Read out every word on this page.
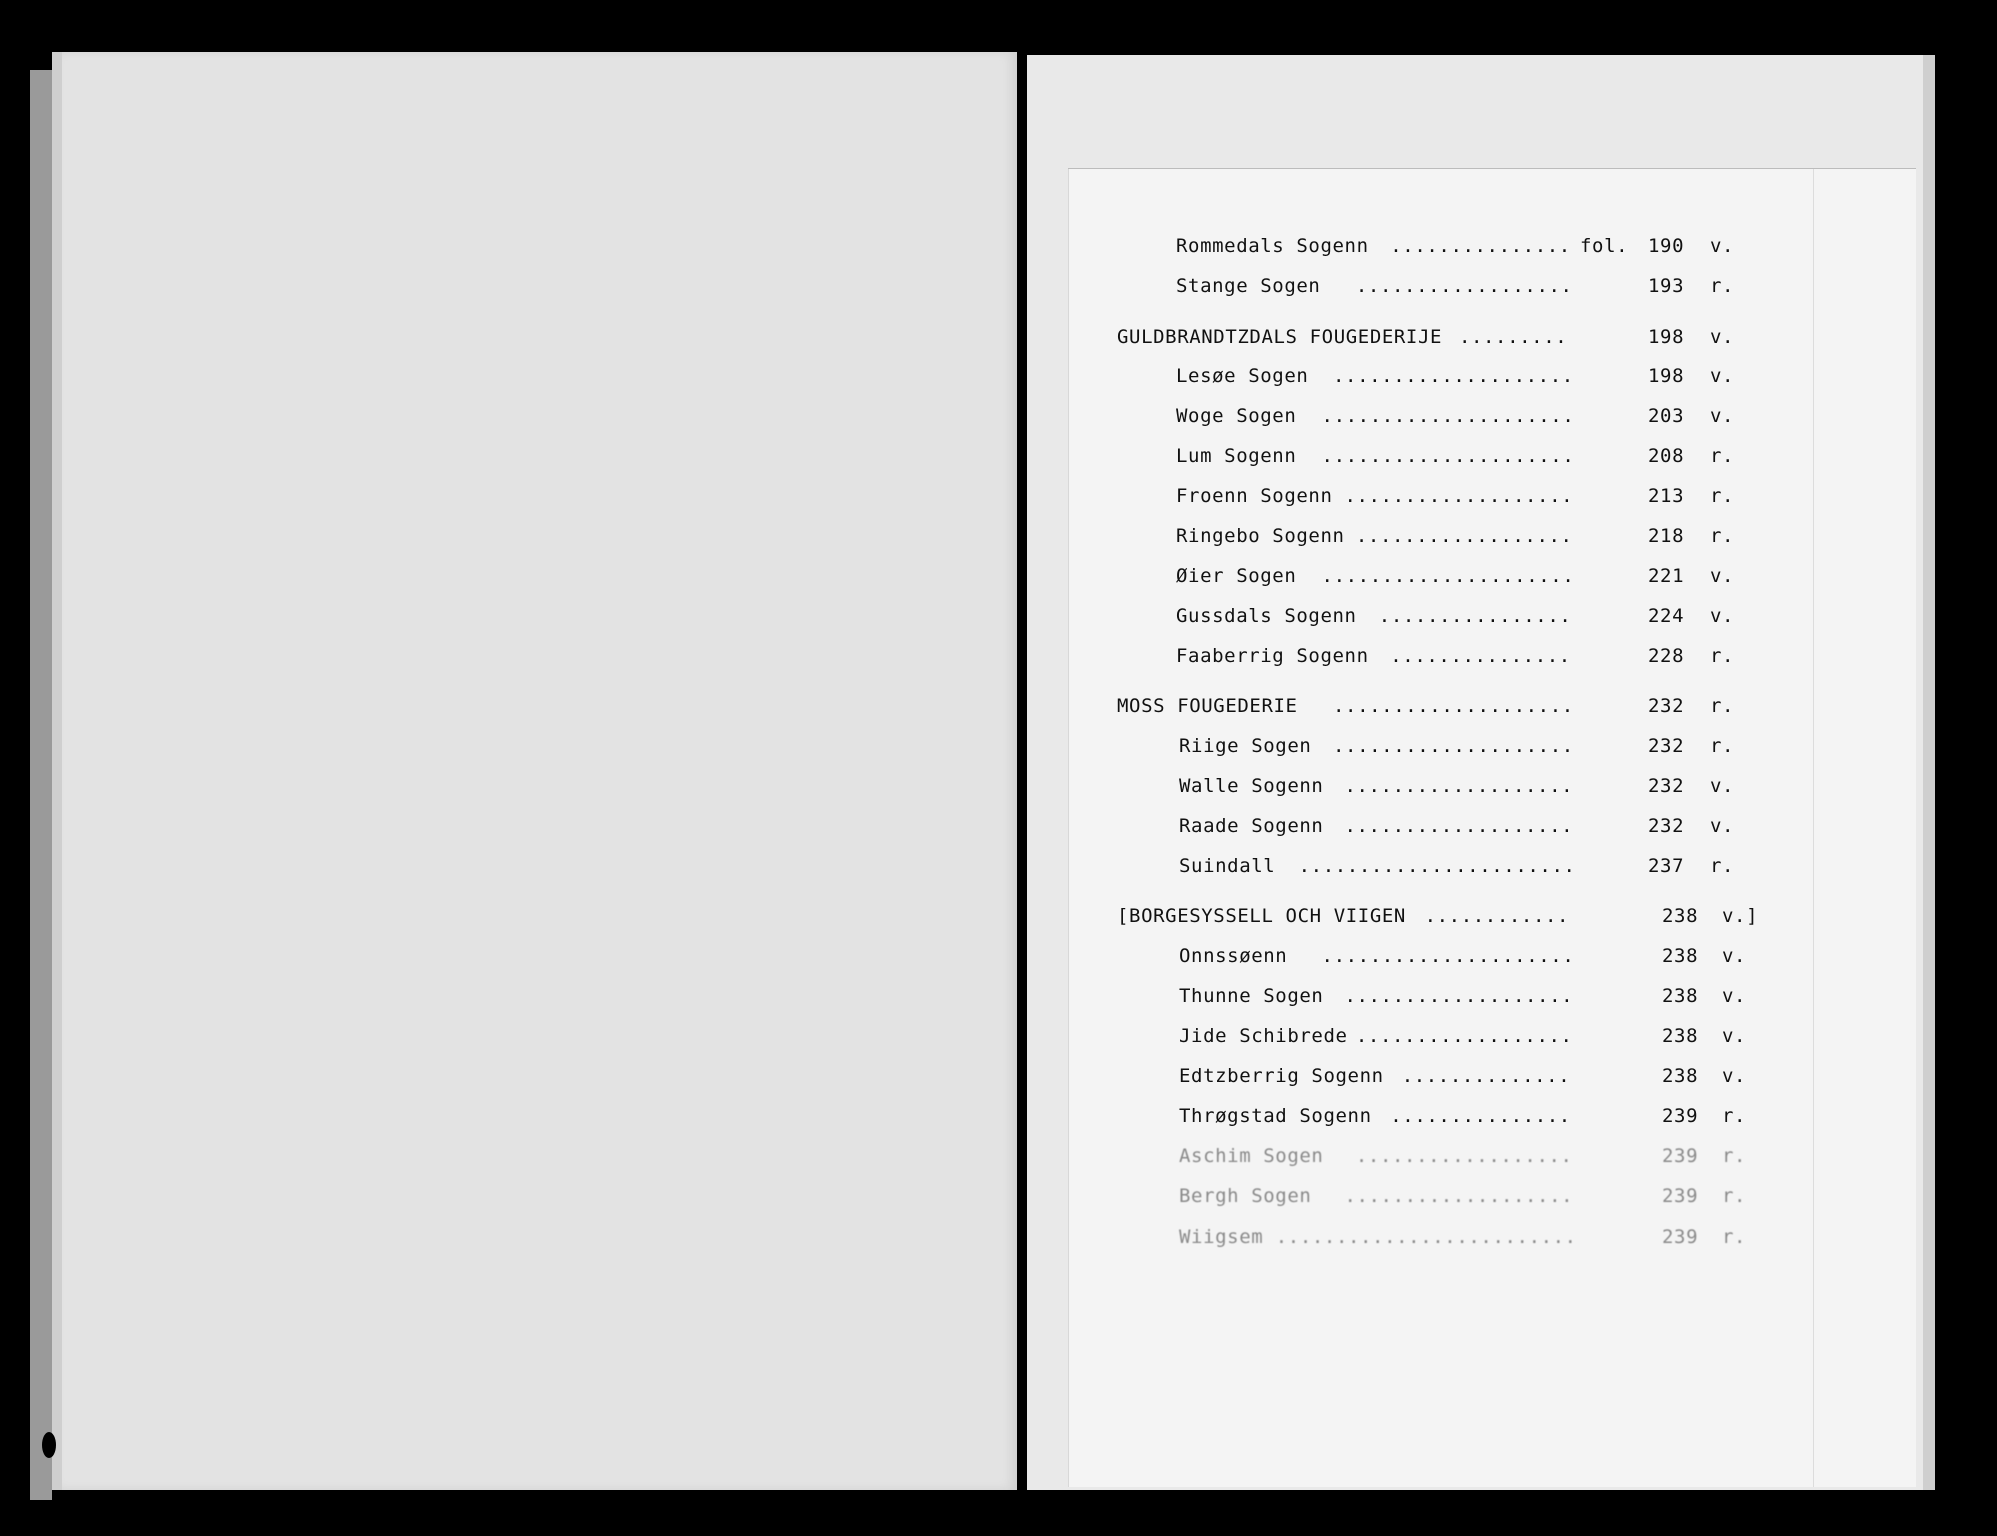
Rommedals Sogenn ............... fol. 190 v.
Stange Sogen ..................	193 r.
GULDBRANDTZDALS FOUGEDERIJE .........	198 v.
Lesøe Sogen ....................	198 v.
Woge Sogen .....................	203 v.
Lum Sogenn .....................	208 r.
Froenn Sogenn ...................	213 r.
Ringebo Sogenn ..................	218 r.
Øier Sogen .....................	221 v.
Gussdals Sogenn ................	224 v.
Faaberrig Sogenn ...............	228 r.
MOSS FOUGEDERIE ....................	232 r.
Riige Sogen ....................	232 r.
Walle Sogenn ...................	232 v.
Raade Sogenn ...................	232 v.
Suindall .......................	237 r.
[BORGESYSSELL OCH VIIGEN ............	238 v.]
Onnssøenn .....................	238 v.
Thunne Sogen ...................	238 v.
Jide Schibrede ..................	238 v.
Edtzberrig Sogenn ..............	238 v.
Thrøgstad Sogenn ...............	239 r.
Aschim Sogen ..................	239 r.
Bergh Sogen ...................	239 r.
Wiigsem .........................	239 r.
